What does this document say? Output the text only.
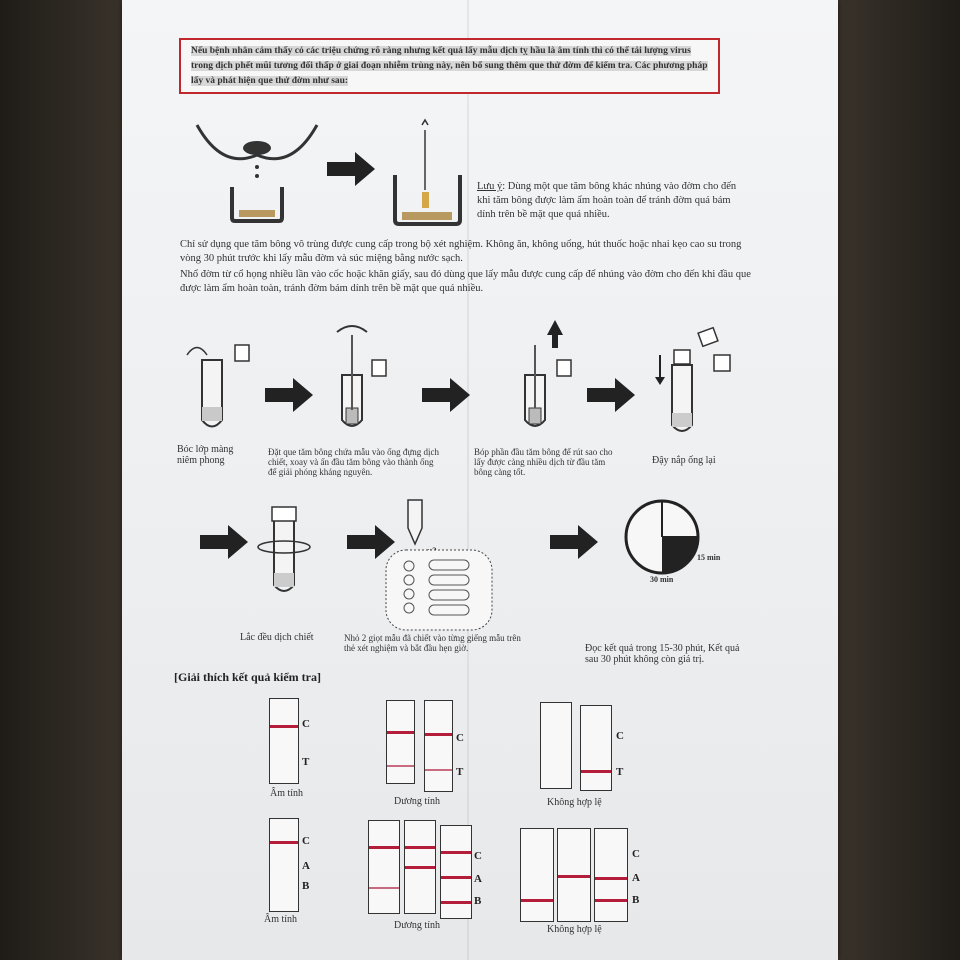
Nếu bệnh nhân cảm thấy có các triệu chứng rõ ràng nhưng kết quả lấy mẫu dịch tỵ hầu là âm tính thì có thể tải lượng virus trong dịch phết mũi tương đối thấp ở giai đoạn nhiễm trùng này, nên bổ sung thêm que thử đờm để kiểm tra. Các phương pháp lấy và phát hiện que thử đờm như sau:
Lưu ý: Dùng một que tăm bông khác nhúng vào đờm cho đến khi tăm bông được làm ẩm hoàn toàn để tránh đờm quá bám dính trên bề mặt que quá nhiều.
Chỉ sử dụng que tăm bông vô trùng được cung cấp trong bộ xét nghiệm. Không ăn, không uống, hút thuốc hoặc nhai kẹo cao su trong vòng 30 phút trước khi lấy mẫu đờm và súc miệng bằng nước sạch.
Nhổ đờm từ cổ họng nhiều lần vào cốc hoặc khăn giấy, sau đó dùng que lấy mẫu được cung cấp để nhúng vào đờm cho đến khi đầu que được làm ẩm hoàn toàn, tránh đờm bám dính trên bề mặt que quá nhiều.
Bóc lớp màng niêm phong
Đặt que tăm bông chứa mẫu vào ống đựng dịch chiết, xoay và ấn đầu tăm bông vào thành ống để giải phóng kháng nguyên.
Bóp phần đầu tăm bông để rút sao cho lấy được càng nhiều dịch từ đầu tăm bông càng tốt.
Đậy nắp ống lại
15 min
30 min
Lắc đều dịch chiết	Nhỏ 2 giọt mẫu đã chiết vào từng giếng mẫu trên thẻ xét nghiệm và bắt đầu hẹn giờ.	Đọc kết quả trong 15-30 phút, Kết quả sau 30 phút không còn giá trị.
[Giải thích kết quả kiểm tra]
C
T
Âm tính
C
T
Dương tính
C
T
Không hợp lệ
C
A
B
Âm tính
C
A
B
Dương tính
C
A
B
Không hợp lệ
